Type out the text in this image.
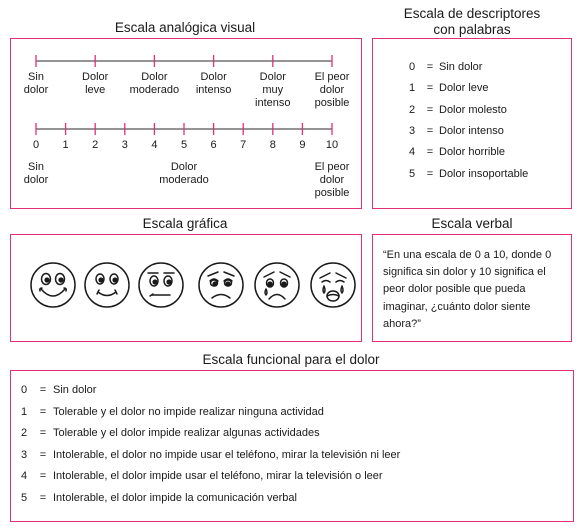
Escala analógica visual
Escala de descriptores
con palabras
Escala gráfica	Escala verbal
Escala funcional para el dolor
Sin
dolor
Dolor
leve
Dolor
moderado
Dolor
intenso
Dolor
muy
intenso
El peor
dolor
posible
0 1 2 3 4 5 6 7 8 9 10
Sin
dolor
Dolor
moderado
El peor
dolor
posible
0 = Sin dolor
1 = Dolor leve
2 = Dolor molesto
3 = Dolor intenso
4 = Dolor horrible
5 = Dolor insoportable
“En una escala de 0 a 10, donde 0 significa sin dolor y 10 significa el peor dolor posible que pueda imaginar, ¿cuánto dolor siente ahora?”
0 = Sin dolor
1 = Tolerable y el dolor no impide realizar ninguna actividad
2 = Tolerable y el dolor impide realizar algunas actividades
3 = Intolerable, el dolor no impide usar el teléfono, mirar la televisión ni leer
4 = Intolerable, el dolor impide usar el teléfono, mirar la televisión o leer
5 = Intolerable, el dolor impide la comunicación verbal
